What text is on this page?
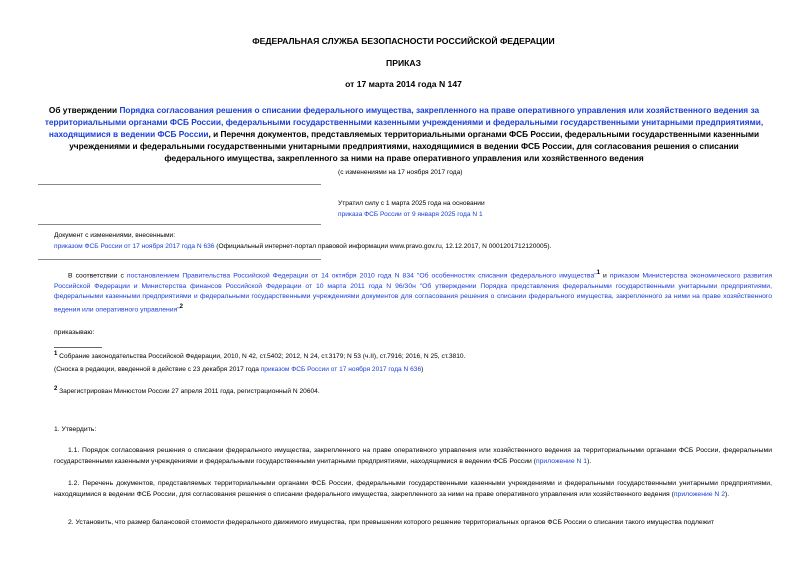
ФЕДЕРАЛЬНАЯ СЛУЖБА БЕЗОПАСНОСТИ РОССИЙСКОЙ ФЕДЕРАЦИИ
ПРИКАЗ
от 17 марта 2014 года N 147
Об утверждении Порядка согласования решения о списании федерального имущества, закрепленного на праве оперативного управления или хозяйственного ведения за территориальными органами ФСБ России, федеральными государственными казенными учреждениями и федеральными государственными унитарными предприятиями, находящимися в ведении ФСБ России, и Перечня документов, представляемых территориальными органами ФСБ России, федеральными государственными казенными учреждениями и федеральными государственными унитарными предприятиями, находящимися в ведении ФСБ России, для согласования решения о списании федерального имущества, закрепленного за ними на праве оперативного управления или хозяйственного ведения
(с изменениями на 17 ноября 2017 года)
Утратил силу с 1 марта 2025 года на основании
приказа ФСБ России от 9 января 2025 года N 1
Документ с изменениями, внесенными:
приказом ФСБ России от 17 ноября 2017 года N 636 (Официальный интернет-портал правовой информации www.pravo.gov.ru, 12.12.2017, N 0001201712120005).
В соответствии с постановлением Правительства Российской Федерации от 14 октября 2010 года N 834 "Об особенностях списания федерального имущества"$^1$ и приказом Министерства экономического развития Российской Федерации и Министерства финансов Российской Федерации от 10 марта 2011 года N 96/30н "Об утверждении Порядка представления федеральными государственными унитарными предприятиями, федеральными казенными предприятиями и федеральными государственными учреждениями документов для согласования решения о списании федерального имущества, закрепленного за ними на праве хозяйственного ведения или оперативного управления"$^2$
приказываю:
$^1$ Собрание законодательства Российской Федерации, 2010, N 42, ст.5402; 2012, N 24, ст.3179; N 53 (ч.II), ст.7916; 2016, N 25, ст.3810.
(Сноска в редакции, введенной в действие с 23 декабря 2017 года приказом ФСБ России от 17 ноября 2017 года N 636)
$^2$ Зарегистрирован Минюстом России 27 апреля 2011 года, регистрационный N 20604.
1. Утвердить:
1.1. Порядок согласования решения о списании федерального имущества, закрепленного на праве оперативного управления или хозяйственного ведения за территориальными органами ФСБ России, федеральными государственными казенными учреждениями и федеральными государственными унитарными предприятиями, находящимися в ведении ФСБ России (приложение N 1).
1.2. Перечень документов, представляемых территориальными органами ФСБ России, федеральными государственными казенными учреждениями и федеральными государственными унитарными предприятиями, находящимися в ведении ФСБ России, для согласования решения о списании федерального имущества, закрепленного за ними на праве оперативного управления или хозяйственного ведения (приложение N 2).
2. Установить, что размер балансовой стоимости федерального движимого имущества, при превышении которого решение территориальных органов ФСБ России о списании такого имущества подлежит
